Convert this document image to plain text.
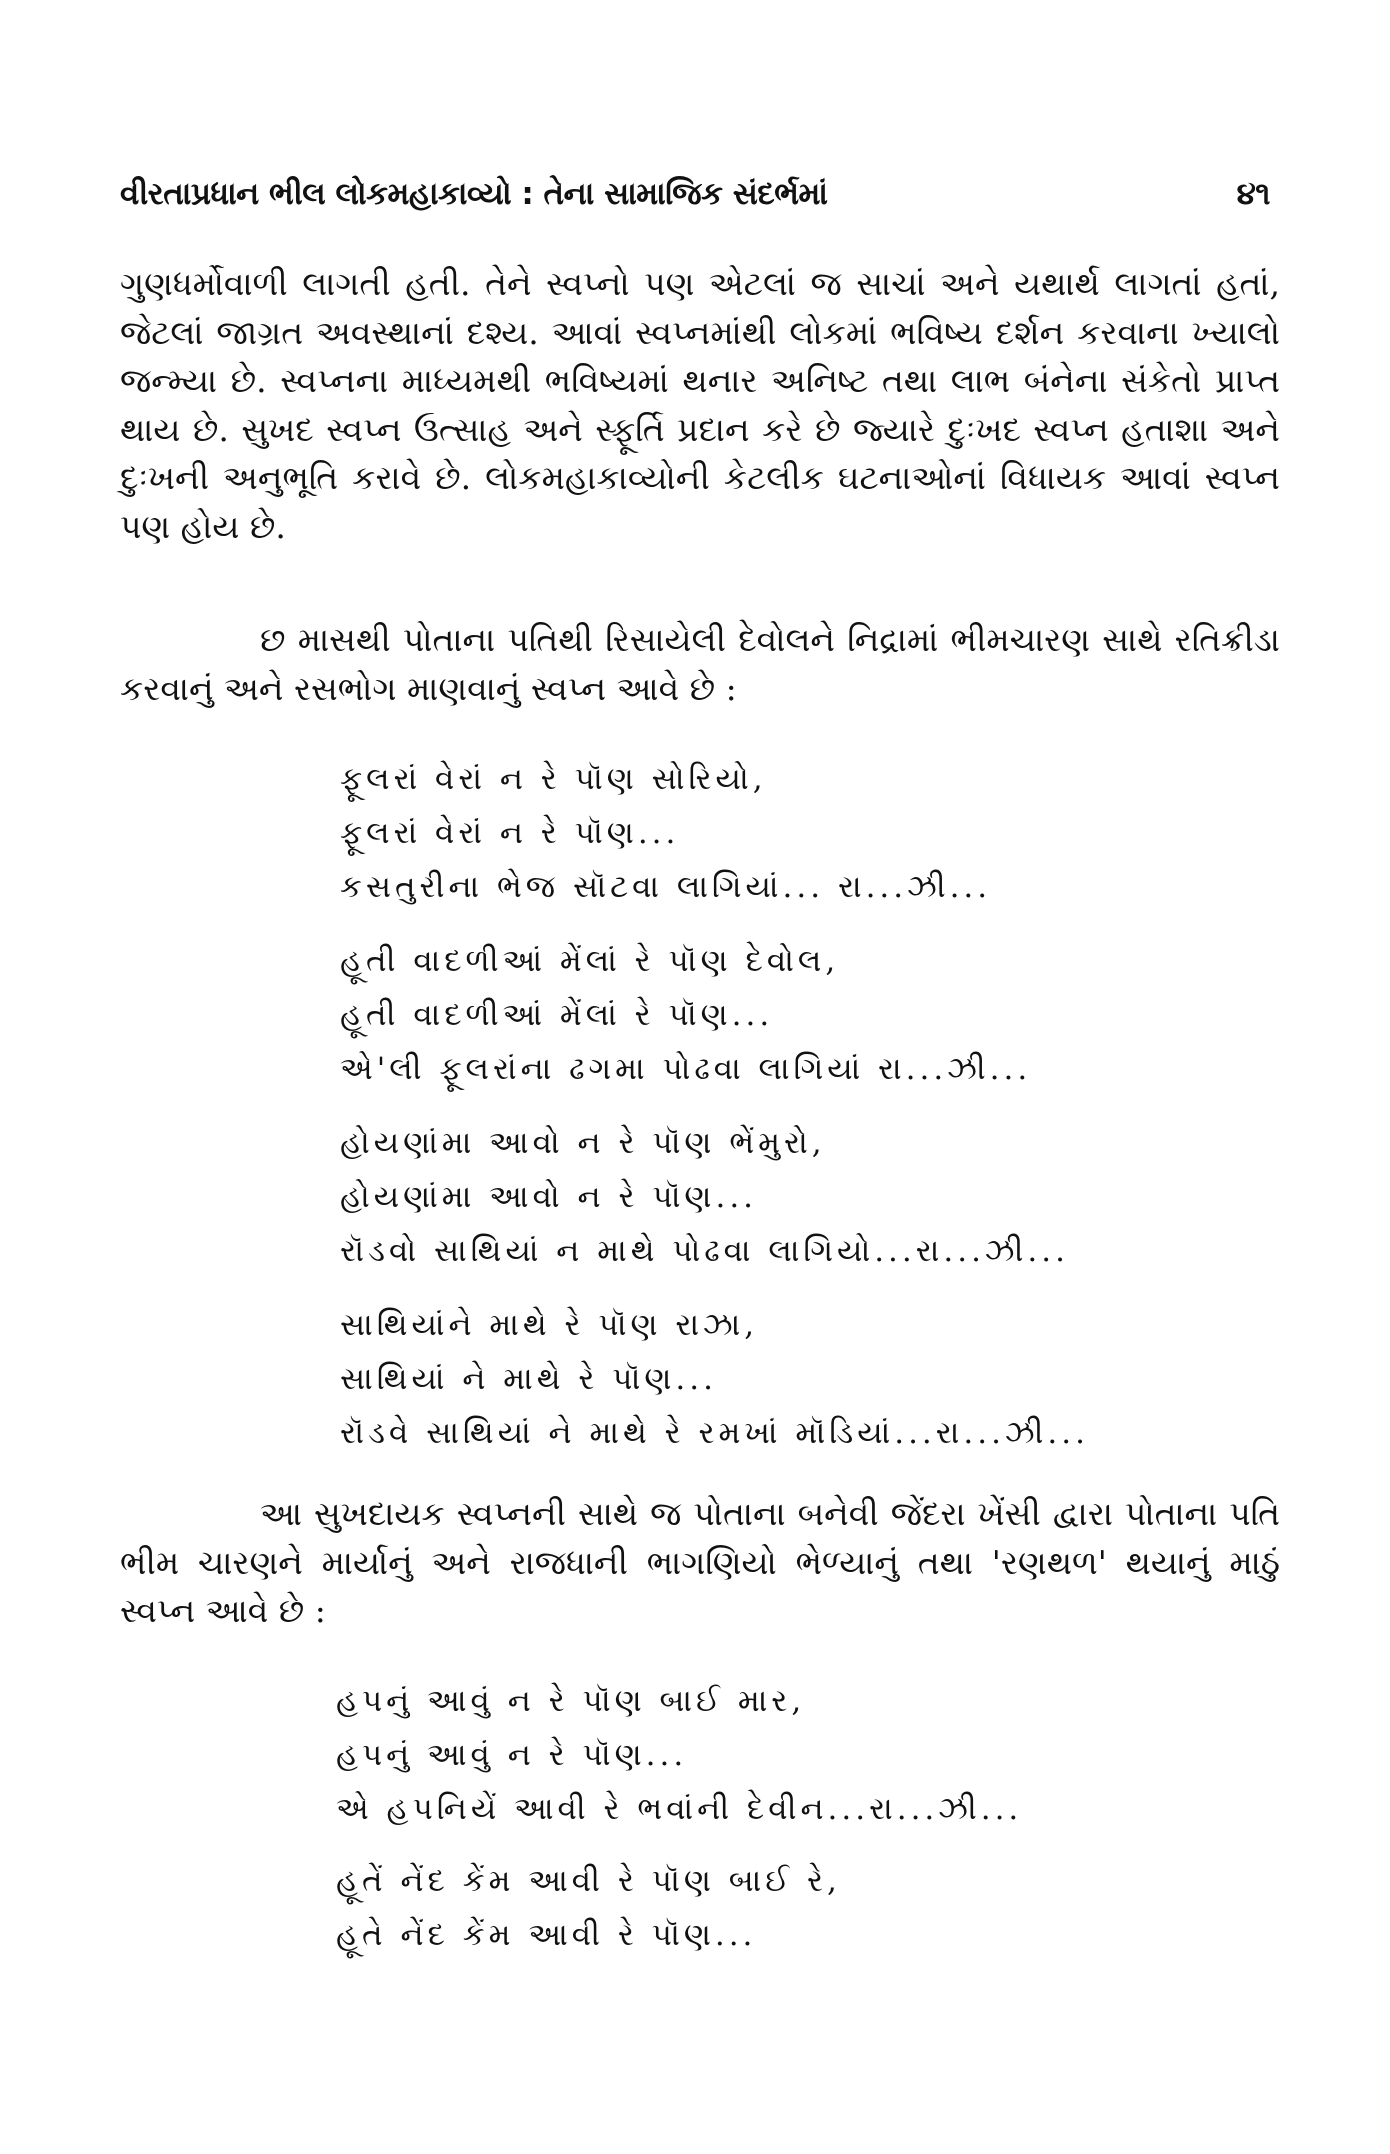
વીરતાપ્રધાન ભીલ લોકમહાકાવ્યો : તેના સામાજિક સંદર્ભમાં	૪૧

ગુણધર્મોવાળી લાગતી હતી. તેને સ્વપ્નો પણ એટલાં જ સાચાં અને યથાર્થ લાગતાં હતાં, જેટલાં જાગ્રત અવસ્થાનાં દશ્ય. આવાં સ્વપ્નમાંથી લોકમાં ભવિષ્ય દર્શન કરવાના ખ્યાલો જન્મ્યા છે. સ્વપ્નના માધ્યમથી ભવિષ્યમાં થનાર અનિષ્ટ તથા લાભ બંનેના સંકેતો પ્રાપ્ત થાય છે. સુખદ સ્વપ્ન ઉત્સાહ અને સ્ફૂર્તિ પ્રદાન કરે છે જ્યારે દુઃખદ સ્વપ્ન હતાશા અને દુઃખની અનુભૂતિ કરાવે છે. લોકમહાકાવ્યોની કેટલીક ઘટનાઓનાં વિધાયક આવાં સ્વપ્ન પણ હોય છે.

છ માસથી પોતાના પતિથી રિસાયેલી દેવોલને નિદ્રામાં ભીમચારણ સાથે રતિક્રીડા કરવાનું અને રસભોગ માણવાનું સ્વપ્ન આવે છે :

ફૂલરાં વેરાં ન રે પૉણ સોરિયો,
ફૂલરાં વેરાં ન રે પૉણ...
કસતુરીના ભેજ સૉટવા લાગિયાં... રા...ઝી...
હૂતી વાદળીઆં મેંલાં રે પૉણ દેવોલ,
હૂતી વાદળીઆં મેંલાં રે પૉણ...
એ'લી ફૂલરાંના ઢગમા પોઢવા લાગિયાં રા...ઝી...
હોયણાંમા આવો ન રે પૉણ ભેંમુરો,
હોયણાંમા આવો ન રે પૉણ...
રૉડવો સાથિયાં ન માથે પોઢવા લાગિયો...રા...ઝી...
સાથિયાંને માથે રે પૉણ રાઝા,
સાથિયાં ને માથે રે પૉણ...
રૉડવે સાથિયાં ને માથે રે રમખાં મૉડિયાં...રા...ઝી...

આ સુખદાયક સ્વપ્નની સાથે જ પોતાના બનેવી જેંદરા ખેંસી દ્વારા પોતાના પતિ ભીમ ચારણને માર્યાનું અને રાજધાની ભાગણિયો ભેળ્યાનું તથા 'રણથળ' થયાનું માઠું સ્વપ્ન આવે છે :

હપનું આવું ન રે પૉણ બાઈ માર,
હપનું આવું ન રે પૉણ...
એ હપનિયેં આવી રે ભવાંની દેવીન...રા...ઝી...
હૂતેં નેંદ કેંમ આવી રે પૉણ બાઈ રે,
હૂતે નેંદ કેંમ આવી રે પૉણ...
